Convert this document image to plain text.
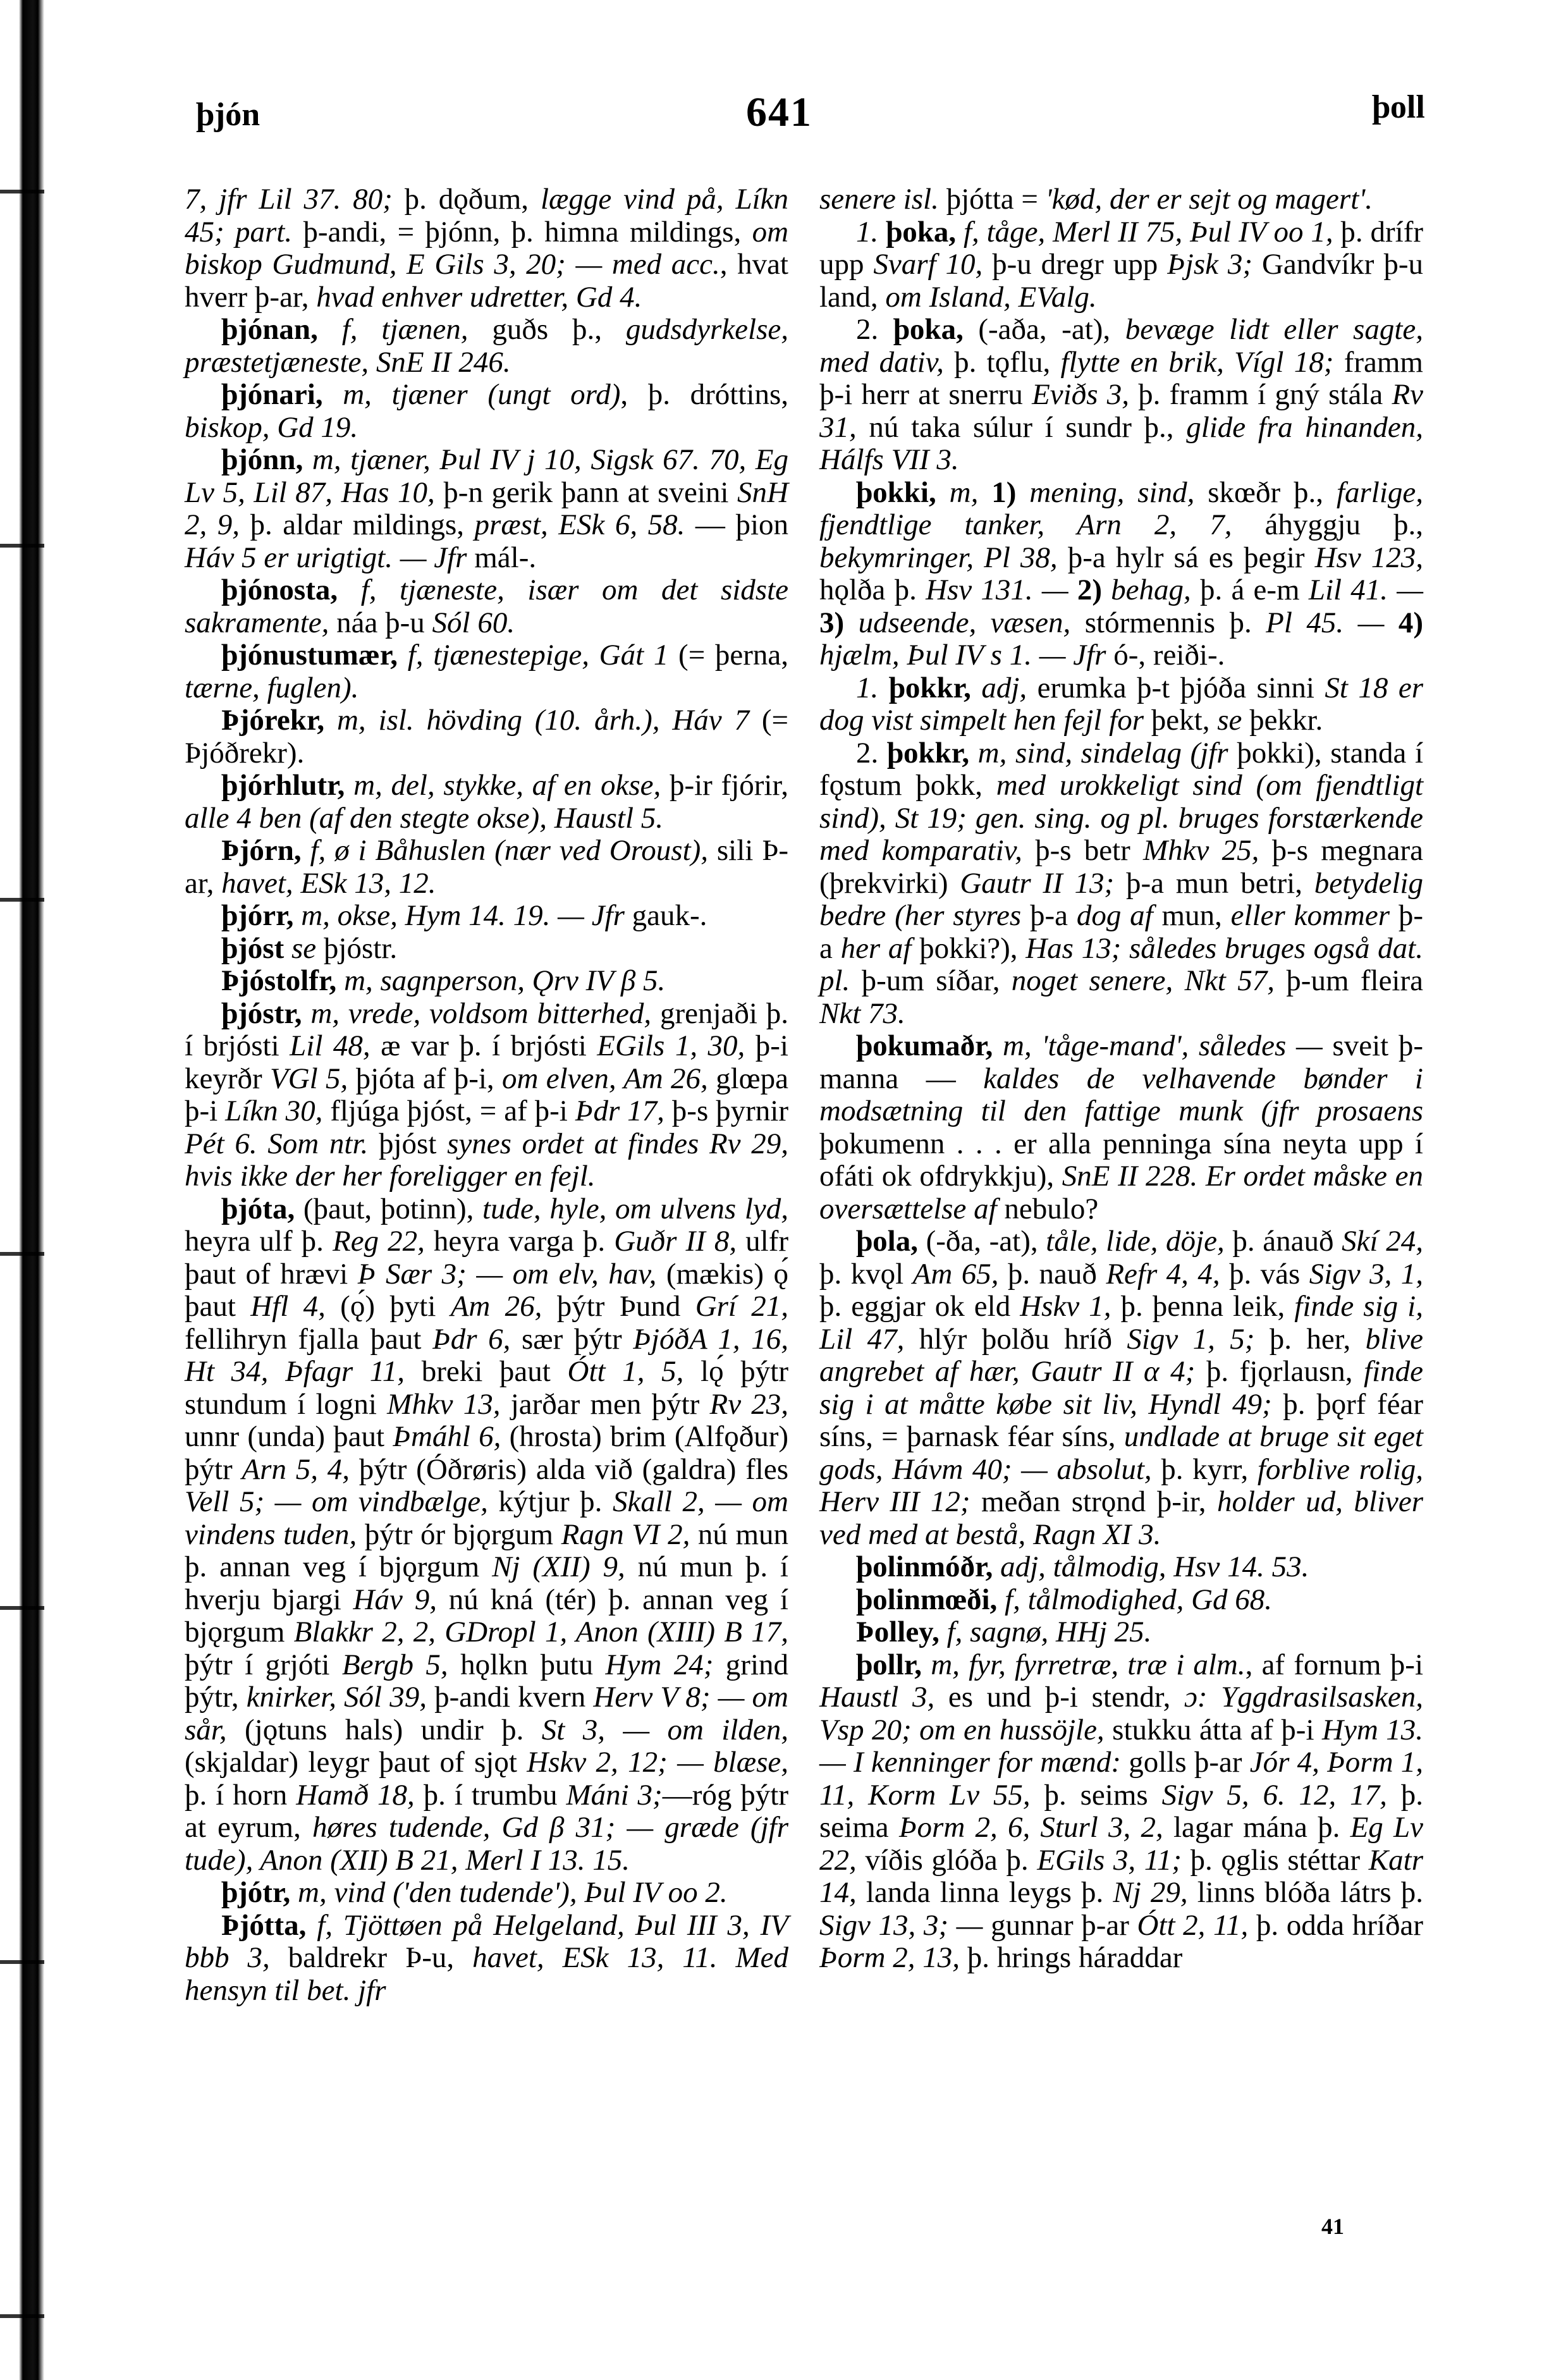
þjón	641	þoll

7, jfr Lil 37. 80; þ. dǫðum, lægge vind på, Líkn 45; part. þ-andi, = þjónn, þ. himna mildings, om biskop Gudmund, E Gils 3, 20; — med acc., hvat hverr þ-ar, hvad enhver udretter, Gd 4.

þjónan, f, tjænen, guðs þ., gudsdyrkelse, præstetjæneste, SnE II 246.

þjónari, m, tjæner (ungt ord), þ. dróttins, biskop, Gd 19.

þjónn, m, tjæner, Þul IV j 10, Sigsk 67. 70, Eg Lv 5, Lil 87, Has 10, þ-n gerik þann at sveini SnH 2, 9, þ. aldar mildings, præst, ESk 6, 58. — þion Háv 5 er urigtigt. — Jfr mál-.

þjónosta, f, tjæneste, især om det sidste sakramente, náa þ-u Sól 60.

þjónustumær, f, tjænestepige, Gát 1 (= þerna, tærne, fuglen).

Þjórekr, m, isl. hövding (10. årh.), Háv 7 (= Þjóðrekr).

þjórhlutr, m, del, stykke, af en okse, þ-ir fjórir, alle 4 ben (af den stegte okse), Haustl 5.

Þjórn, f, ø i Båhuslen (nær ved Oroust), sili Þ-ar, havet, ESk 13, 12.

þjórr, m, okse, Hym 14. 19. — Jfr gauk-.

þjóst se þjóstr.

Þjóstolfr, m, sagnperson, Ǫrv IV β 5.

þjóstr, m, vrede, voldsom bitterhed, grenjaði þ. í brjósti Lil 48, æ var þ. í brjósti EGils 1, 30, þ-i keyrðr VGl 5, þjóta af þ-i, om elven, Am 26, glœpa þ-i Líkn 30, fljúga þjóst, = af þ-i Þdr 17, þ-s þyrnir Pét 6. Som ntr. þjóst synes ordet at findes Rv 29, hvis ikke der her foreligger en fejl.

þjóta, (þaut, þotinn), tude, hyle, om ulvens lyd, heyra ulf þ. Reg 22, heyra varga þ. Guðr II 8, ulfr þaut of hrævi Þ Sær 3; — om elv, hav, (mækis) ǫ́ þaut Hfl 4, (ǫ́) þyti Am 26, þýtr Þund Grí 21, fellihryn fjalla þaut Þdr 6, sær þýtr ÞjóðA 1, 16, Ht 34, Þfagr 11, breki þaut Ótt 1, 5, lǫ́ þýtr stundum í logni Mhkv 13, jarðar men þýtr Rv 23, unnr (unda) þaut Þmáhl 6, (hrosta) brim (Alfǫður) þýtr Arn 5, 4, þýtr (Óðrøris) alda við (galdra) fles Vell 5; — om vindbælge, kýtjur þ. Skall 2, — om vindens tuden, þýtr ór bjǫrgum Ragn VI 2, nú mun þ. annan veg í bjǫrgum Nj (XII) 9, nú mun þ. í hverju bjargi Háv 9, nú kná (tér) þ. annan veg í bjǫrgum Blakkr 2, 2, GDropl 1, Anon (XIII) B 17, þýtr í grjóti Bergb 5, hǫlkn þutu Hym 24; grind þýtr, knirker, Sól 39, þ-andi kvern Herv V 8; — om sår, (jǫtuns hals) undir þ. St 3, — om ilden, (skjaldar) leygr þaut of sjǫt Hskv 2, 12; — blæse, þ. í horn Hamð 18, þ. í trumbu Máni 3;—róg þýtr at eyrum, høres tudende, Gd β 31; — græde (jfr tude), Anon (XII) B 21, Merl I 13. 15.

þjótr, m, vind ('den tudende'), Þul IV oo 2.

Þjótta, f, Tjöttøen på Helgeland, Þul III 3, IV bbb 3, baldrekr Þ-u, havet, ESk 13, 11. Med hensyn til bet. jfr

senere isl. þjótta = 'kød, der er sejt og magert'.

1. þoka, f, tåge, Merl II 75, Þul IV oo 1, þ. drífr upp Svarf 10, þ-u dregr upp Þjsk 3; Gandvíkr þ-u land, om Island, EValg.

2. þoka, (-aða, -at), bevæge lidt eller sagte, med dativ, þ. tǫflu, flytte en brik, Vígl 18; framm þ-i herr at snerru Eviðs 3, þ. framm í gný stála Rv 31, nú taka súlur í sundr þ., glide fra hinanden, Hálfs VII 3.

þokki, m, 1) mening, sind, skœðr þ., farlige, fjendtlige tanker, Arn 2, 7, áhyggju þ., bekymringer, Pl 38, þ-a hylr sá es þegir Hsv 123, hǫlða þ. Hsv 131. — 2) behag, þ. á e-m Lil 41. — 3) udseende, væsen, stórmennis þ. Pl 45. — 4) hjælm, Þul IV s 1. — Jfr ó-, reiði-.

1. þokkr, adj, erumka þ-t þjóða sinni St 18 er dog vist simpelt hen fejl for þekt, se þekkr.

2. þokkr, m, sind, sindelag (jfr þokki), standa í fǫstum þokk, med urokkeligt sind (om fjendtligt sind), St 19; gen. sing. og pl. bruges forstærkende med komparativ, þ-s betr Mhkv 25, þ-s megnara (þrekvirki) Gautr II 13; þ-a mun betri, betydelig bedre (her styres þ-a dog af mun, eller kommer þ-a her af þokki?), Has 13; således bruges også dat. pl. þ-um síðar, noget senere, Nkt 57, þ-um fleira Nkt 73.

þokumaðr, m, 'tåge-mand', således — sveit þ-manna — kaldes de velhavende bønder i modsætning til den fattige munk (jfr prosaens þokumenn . . . er alla penninga sína neyta upp í ofáti ok ofdrykkju), SnE II 228. Er ordet måske en oversættelse af nebulo?

þola, (-ða, -at), tåle, lide, döje, þ. ánauð Skí 24, þ. kvǫl Am 65, þ. nauð Refr 4, 4, þ. vás Sigv 3, 1, þ. eggjar ok eld Hskv 1, þ. þenna leik, finde sig i, Lil 47, hlýr þolðu hríð Sigv 1, 5; þ. her, blive angrebet af hær, Gautr II α 4; þ. fjǫrlausn, finde sig i at måtte købe sit liv, Hyndl 49; þ. þǫrf féar síns, = þarnask féar síns, undlade at bruge sit eget gods, Hávm 40; — absolut, þ. kyrr, forblive rolig, Herv III 12; meðan strǫnd þ-ir, holder ud, bliver ved med at bestå, Ragn XI 3.

þolinmóðr, adj, tålmodig, Hsv 14. 53.

þolinmœði, f, tålmodighed, Gd 68.

Þolley, f, sagnø, HHj 25.

þollr, m, fyr, fyrretræ, træ i alm., af fornum þ-i Haustl 3, es und þ-i stendr, ɔ: Yggdrasilsasken, Vsp 20; om en hussöjle, stukku átta af þ-i Hym 13. — I kenninger for mænd: golls þ-ar Jór 4, Þorm 1, 11, Korm Lv 55, þ. seims Sigv 5, 6. 12, 17, þ. seima Þorm 2, 6, Sturl 3, 2, lagar mána þ. Eg Lv 22, víðis glóða þ. EGils 3, 11; þ. ǫglis stéttar Katr 14, landa linna leygs þ. Nj 29, linns blóða látrs þ. Sigv 13, 3; — gunnar þ-ar Ótt 2, 11, þ. odda hríðar Þorm 2, 13, þ. hrings háraddar

41
